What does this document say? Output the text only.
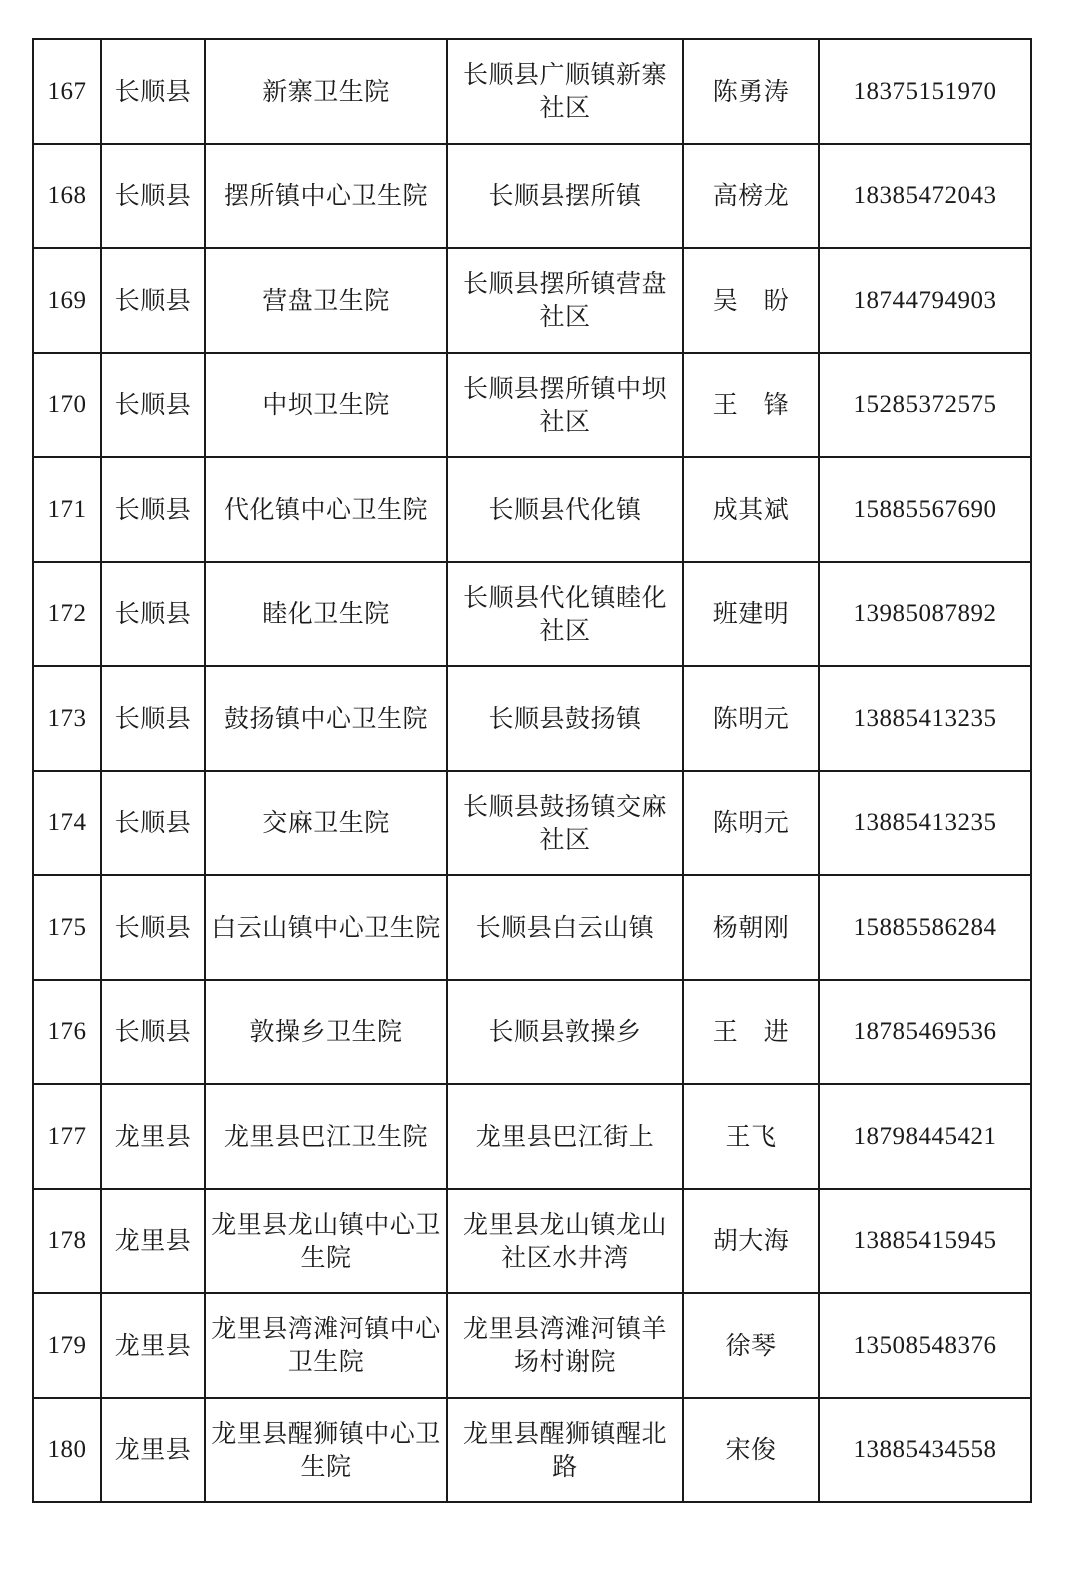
167	长顺县	新寨卫生院	长顺县广顺镇新寨社区	陈勇涛	18375151970
168	长顺县	摆所镇中心卫生院	长顺县摆所镇	高榜龙	18385472043
169	长顺县	营盘卫生院	长顺县摆所镇营盘社区	吴　盼	18744794903
170	长顺县	中坝卫生院	长顺县摆所镇中坝社区	王　锋	15285372575
171	长顺县	代化镇中心卫生院	长顺县代化镇	成其斌	15885567690
172	长顺县	睦化卫生院	长顺县代化镇睦化社区	班建明	13985087892
173	长顺县	鼓扬镇中心卫生院	长顺县鼓扬镇	陈明元	13885413235
174	长顺县	交麻卫生院	长顺县鼓扬镇交麻社区	陈明元	13885413235
175	长顺县	白云山镇中心卫生院	长顺县白云山镇	杨朝刚	15885586284
176	长顺县	敦操乡卫生院	长顺县敦操乡	王　进	18785469536
177	龙里县	龙里县巴江卫生院	龙里县巴江街上	王飞	18798445421
178	龙里县	龙里县龙山镇中心卫生院	龙里县龙山镇龙山社区水井湾	胡大海	13885415945
179	龙里县	龙里县湾滩河镇中心卫生院	龙里县湾滩河镇羊场村谢院	徐琴	13508548376
180	龙里县	龙里县醒狮镇中心卫生院	龙里县醒狮镇醒北路	宋俊	13885434558
